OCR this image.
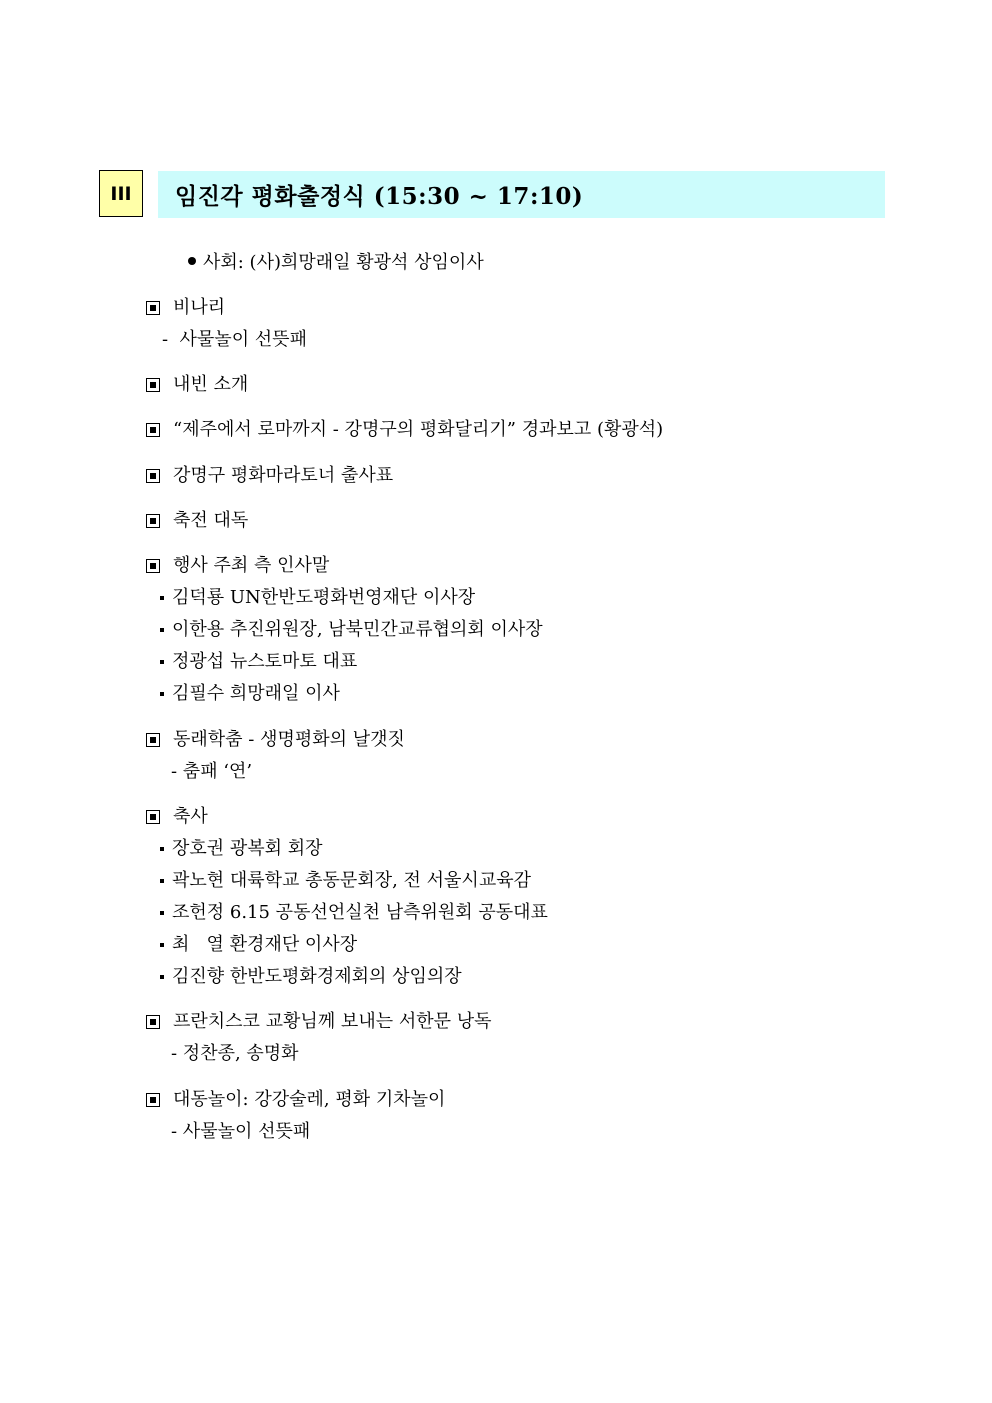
III 임진각 평화출정식 (15:30 ~ 17:10)
사회: (사)희망래일 황광석 상임이사
비나리
-  사물놀이 선뜻패
내빈 소개
“제주에서 로마까지 - 강명구의 평화달리기” 경과보고 (황광석)
강명구 평화마라토너 출사표
축전 대독
행사 주최 측 인사말
김덕룡 UN한반도평화번영재단 이사장
이한용 추진위원장, 남북민간교류협의회 이사장
정광섭 뉴스토마토 대표
김필수 희망래일 이사
동래학춤 - 생명평화의 날갯짓
- 춤패 ‘연’
축사
장호권 광복회 회장
곽노현 대륙학교 총동문회장, 전 서울시교육감
조헌정 6.15 공동선언실천 남측위원회 공동대표
최   열 환경재단 이사장
김진향 한반도평화경제회의 상임의장
프란치스코 교황님께 보내는 서한문 낭독
- 정찬종, 송명화
대동놀이: 강강술레, 평화 기차놀이
- 사물놀이 선뜻패
